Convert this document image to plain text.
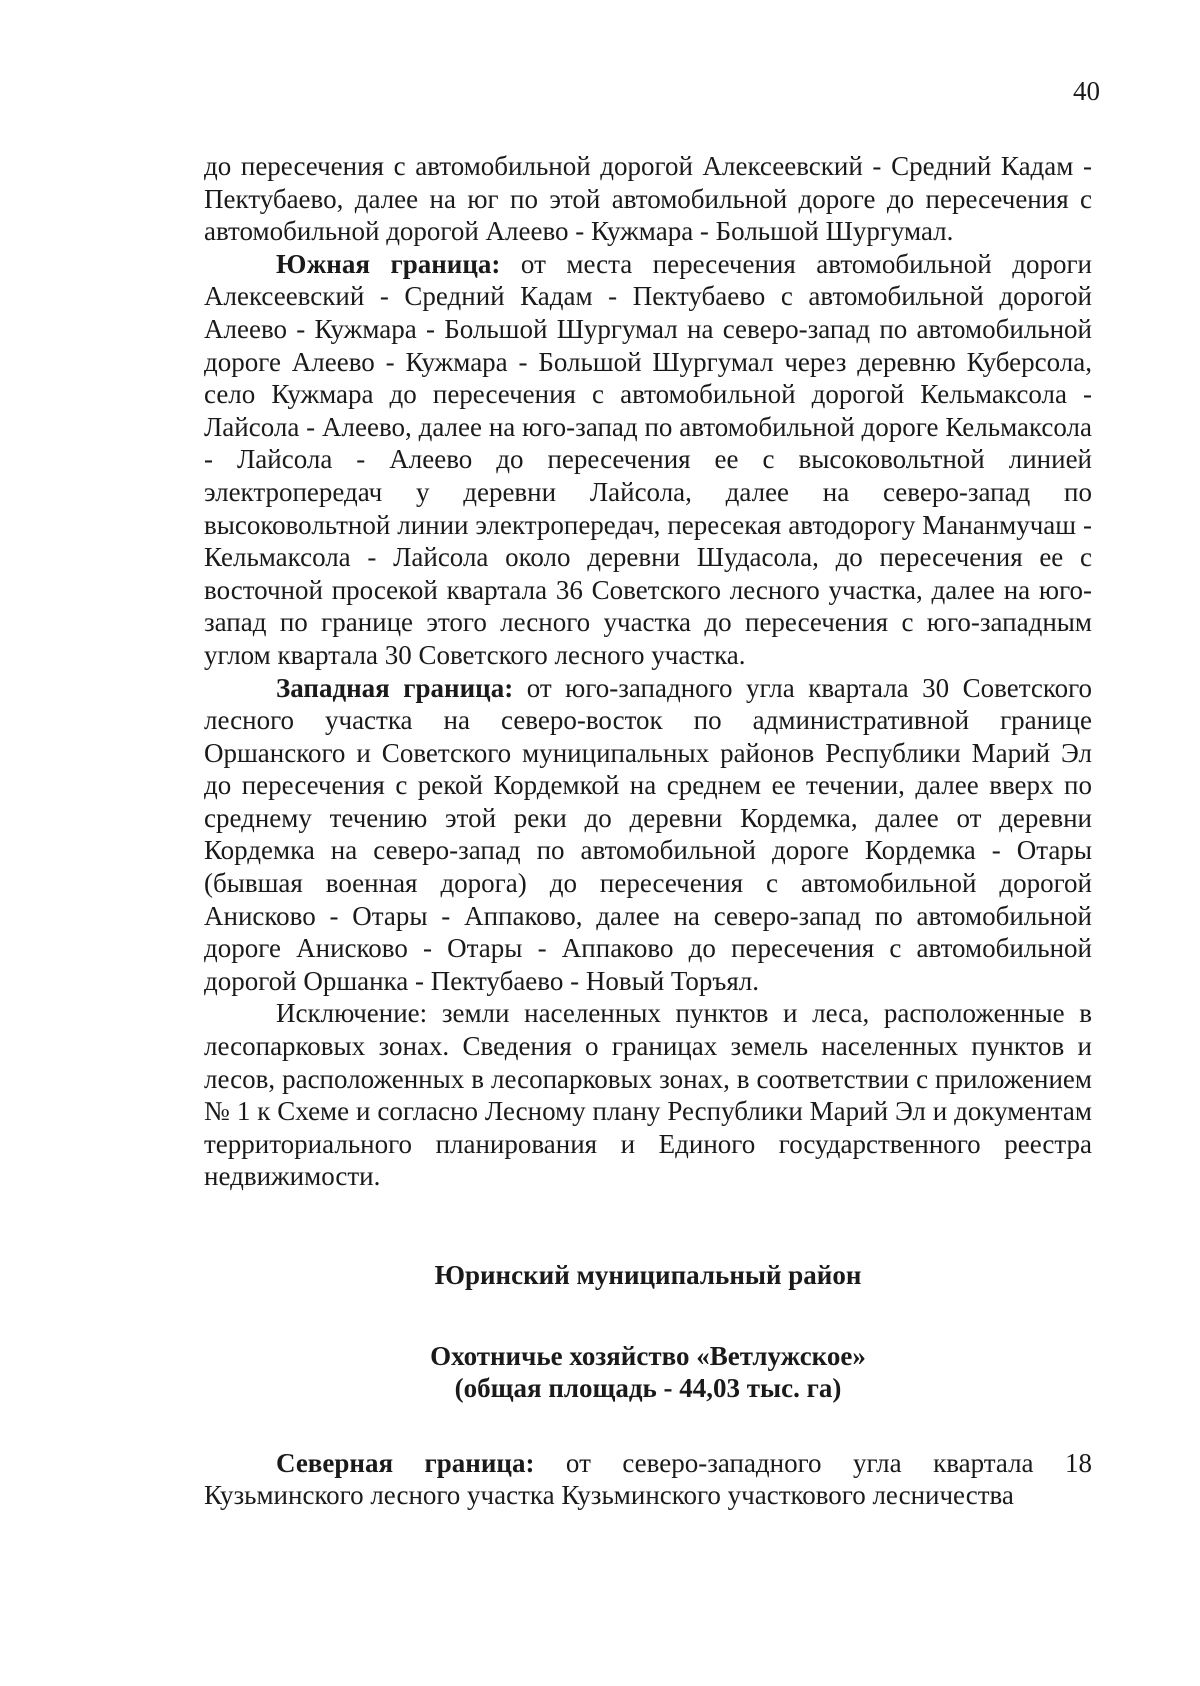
40

до пересечения с автомобильной дорогой Алексеевский - Средний Кадам - Пектубаево, далее на юг по этой автомобильной дороге до пересечения с автомобильной дорогой Алеево - Кужмара - Большой Шургумал.

Южная граница: от места пересечения автомобильной дороги Алексеевский - Средний Кадам - Пектубаево с автомобильной дорогой Алеево - Кужмара - Большой Шургумал на северо-запад по автомобильной дороге Алеево - Кужмара - Большой Шургумал через деревню Куберсола, село Кужмара до пересечения с автомобильной дорогой Кельмаксола - Лайсола - Алеево, далее на юго-запад по автомобильной дороге Кельмаксола - Лайсола - Алеево до пересечения ее с высоковольтной линией электропередач у деревни Лайсола, далее на северо-запад по высоковольтной линии электропередач, пересекая автодорогу Мананмучаш - Кельмаксола - Лайсола около деревни Шудасола, до пересечения ее с восточной просекой квартала 36 Советского лесного участка, далее на юго-запад по границе этого лесного участка до пересечения с юго-западным углом квартала 30 Советского лесного участка.

Западная граница: от юго-западного угла квартала 30 Советского лесного участка на северо-восток по административной границе Оршанского и Советского муниципальных районов Республики Марий Эл до пересечения с рекой Кордемкой на среднем ее течении, далее вверх по среднему течению этой реки до деревни Кордемка, далее от деревни Кордемка на северо-запад по автомобильной дороге Кордемка - Отары (бывшая военная дорога) до пересечения с автомобильной дорогой Аниcково - Отары - Аппаково, далее на северо-запад по автомобильной дороге Аниcково - Отары - Аппаково до пересечения с автомобильной дорогой Оршанка - Пектубаево - Новый Торъял.

Исключение: земли населенных пунктов и леса, расположенные в лесопарковых зонах. Сведения о границах земель населенных пунктов и лесов, расположенных в лесопарковых зонах, в соответствии с приложением № 1 к Схеме и согласно Лесному плану Республики Марий Эл и документам территориального планирования и Единого государственного реестра недвижимости.

Юринский муниципальный район

Охотничье хозяйство «Ветлужское»

(общая площадь - 44,03 тыс. га)

Северная граница: от северо-западного угла квартала 18 Кузьминского лесного участка Кузьминского участкового лесничества
